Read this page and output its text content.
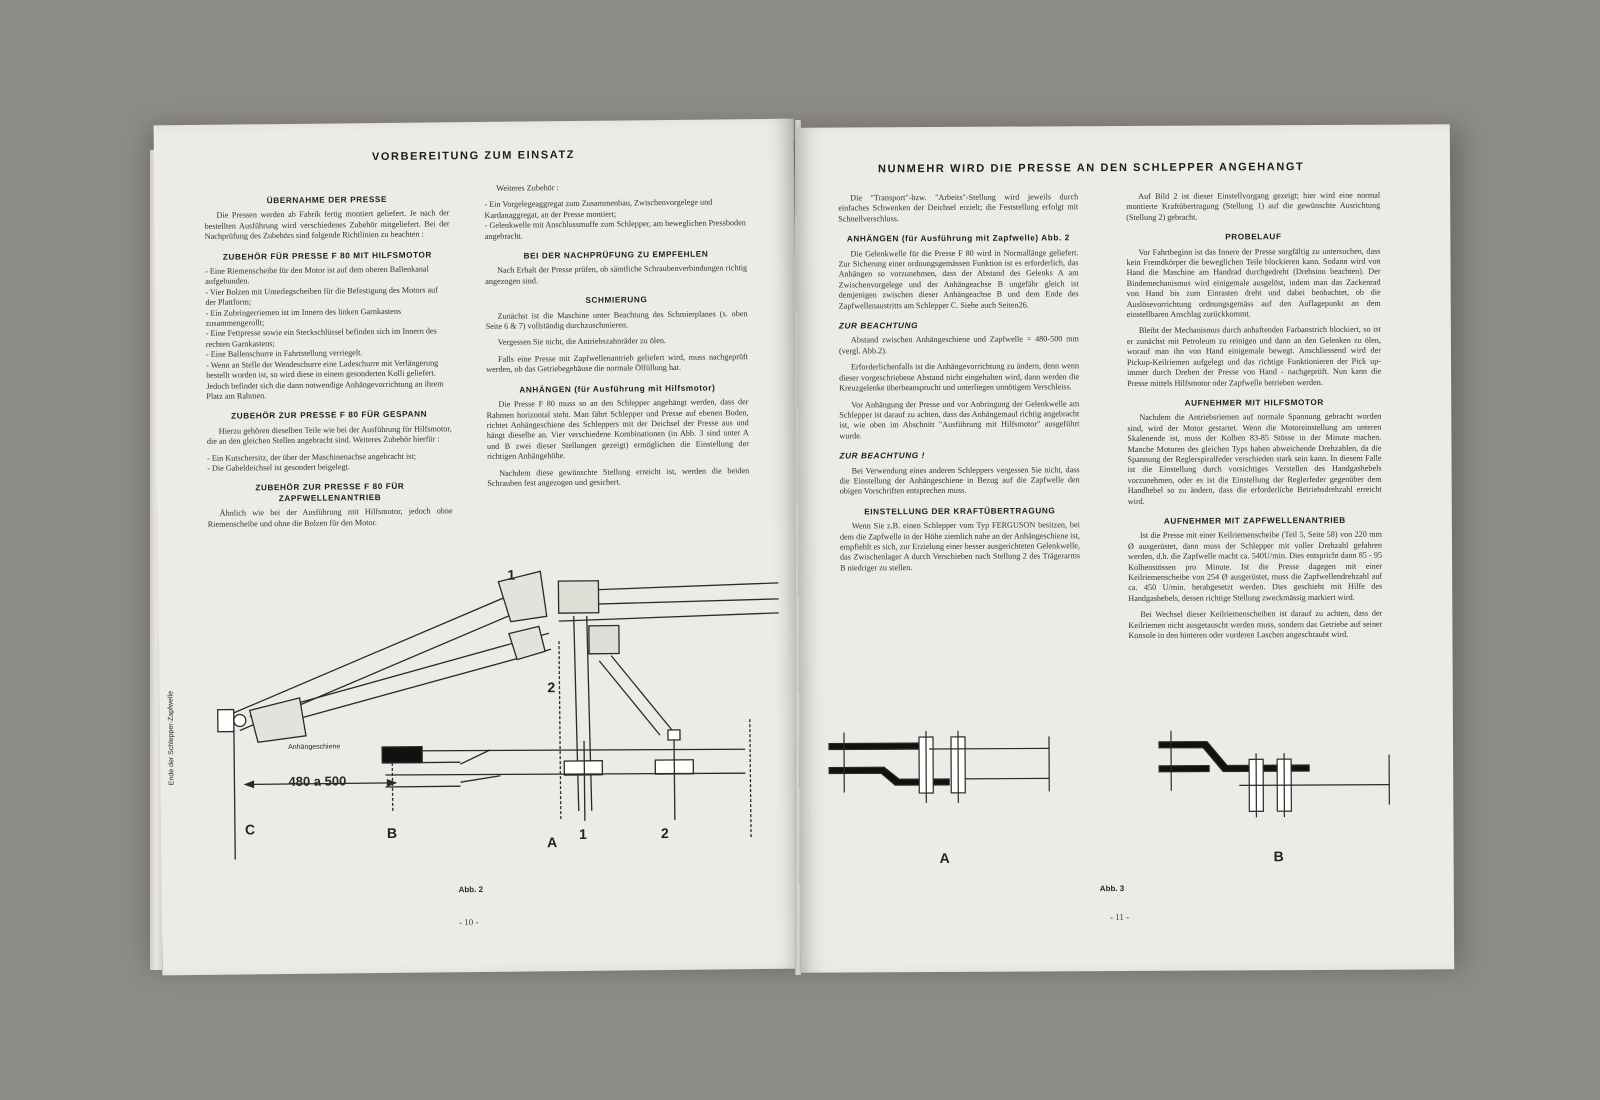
VORBEREITUNG ZUM EINSATZ
ÜBERNAHME DER PRESSE

Die Pressen werden ab Fabrik fertig montiert geliefert. Je nach der bestellten Ausführung wird verschiedenes Zubehör mitgeliefert. Bei der Nachprüfung des Zubehörs sind folgende Richtlinien zu beachten :

ZUBEHÖR FÜR PRESSE F 80 MIT HILFSMOTOR
- Eine Riemenscheibe für den Motor ist auf dem oberen Ballenkanal aufgebunden.
- Vier Bolzen mit Unterlegscheiben für die Befestigung des Motors auf der Plattform;
- Ein Zubringerriemen ist im Innern des linken Garnkastens zusammengerollt;
- Eine Fettpresse sowie ein Steckschlüssel befinden sich im Innern des rechten Garnkastens;
- Eine Ballenschurre in Fahrtstellung verriegelt.
- Wenn an Stelle der Wendeschurre eine Ladeschurre mit Verlängerung bestellt worden ist, so wird diese in einem gesonderten Kolli geliefert. Jedoch befindet sich die dann notwendige Anhängevorrichtung an ihrem Platz am Rahmen.
ZUBEHÖR ZUR PRESSE F 80 FÜR GESPANN

Hierzu gehören dieselben Teile wie bei der Ausführung für Hilfsmotor, die an den gleichen Stellen angebracht sind. Weiteres Zubehör hierfür :

- Ein Kutschersitz, der über der Maschinenachse angebracht ist;
- Die Gabeldeichsel ist gesondert beigelegt.
ZUBEHÖR ZUR PRESSE F 80 FÜR ZAPFWELLENANTRIEB

Ähnlich wie bei der Ausführung mit Hilfsmotor, jedoch ohne Riemenscheibe und ohne die Bolzen für den Motor.

Weiteres Zubehör :

- Ein Vorgelegeaggregat zum Zusammenbau, Zwischenvorgelege und Kardanaggregat, an der Presse montiert;
- Gelenkwelle mit Anschlussmuffe zum Schlepper, am beweglichen Pressboden angebracht.
BEI DER NACHPRÜFUNG ZU EMPFEHLEN

Nach Erhalt der Presse prüfen, ob sämtliche Schraubenverbindungen richtig angezogen sind.

SCHMIERUNG

Zunächst ist die Maschine unter Beachtung des Schmierplanes (s. oben Seite 6 & 7) vollständig durchzuschmieren.

Vergessen Sie nicht, die Antriebszahnräder zu ölen.

Falls eine Presse mit Zapfwellenantrieb geliefert wird, muss nachgeprüft werden, ob das Getriebegehäuse die normale Ölfüllung hat.

ANHÄNGEN (für Ausführung mit Hilfsmotor)

Die Presse F 80 muss so an den Schlepper angehängt werden, dass der Rahmen horizontal steht. Man fährt Schlepper und Presse auf ebenen Boden, richtet Anhängeschiene des Schleppers mit der Deichsel der Presse aus und hängt dieselbe an. Vier verschiedene Kombinationen (in Abb. 3 sind unter A und B zwei dieser Stellungen gezeigt) ermöglichen die Einstellung der richtigen Anhängehöhe.

Nachdem diese gewünschte Stellung erreicht ist, werden die beiden Schrauben fest angezogen und gesichert.

1
2
Anhängeschiene
Ende der Schlepper-Zapfwelle	480 a 500
C	B
A
1	2
Abb. 2
- 10 -
NUNMEHR WIRD DIE PRESSE AN DEN SCHLEPPER ANGEHANGT

Die "Transport"-bzw. "Arbeits"-Stellung wird jeweils durch einfaches Schwenken der Deichsel erzielt; die Feststellung erfolgt mit Schnellverschluss.

ANHÄNGEN (für Ausführung mit Zapfwelle) Abb. 2

Die Gelenkwelle für die Presse F 80 wird in Normallänge geliefert. Zur Sicherung einer ordnungsgemässen Funktion ist es erforderlich, das Anhängen so vorzunehmen, dass der Abstand des Gelenks A am Zwischenvorgelege und der Anhängeachse B ungefähr gleich ist demjenigen zwischen dieser Anhängeachse B und dem Ende des Zapfwellenaustritts am Schlepper C. Siehe auch Seiten26.

ZUR BEACHTUNG

Abstand zwischen Anhängeschiene und Zapfwelle = 480-500 mm (vergl. Abb.2).

Erforderlichenfalls ist die Anhängevorrichtung zu ändern, denn wenn dieser vorgeschriebene Abstand nicht eingehalten wird, dann werden die Kreuzgelenke überbeansprucht und unterliegen unnötigem Verschleiss.

Vor Anhängung der Presse und vor Anbringung der Gelenkwelle am Schlepper ist darauf zu achten, dass das Anhängemaul richtig angebracht ist, wie oben im Abschnitt "Ausführung mit Hilfsmotor" ausgeführt wurde.

ZUR BEACHTUNG !

Bei Verwendung eines anderen Schleppers vergessen Sie nicht, dass die Einstellung der Anhängeschiene in Bezug auf die Zapfwelle den obigen Vorschriften entsprechen muss.

EINSTELLUNG DER KRAFTÜBERTRAGUNG

Wenn Sie z.B. einen Schlepper vom Typ FERGUSON besitzen, bei dem die Zapfwelle in der Höhe ziemlich nahe an der Anhängeschiene ist, empfiehlt es sich, zur Erzielung einer besser ausgerichteten Gelenkwelle, das Zwischenlager A durch Verschieben nach Stellung 2 des Trägerarms B niedriger zu stellen.

Auf Bild 2 ist dieser Einstellvorgang gezeigt; hier wird eine normal montierte Kraftübertragung (Stellung 1) auf die gewünschte Ausrichtung (Stellung 2) gebracht.

PROBELAUF

Vor Fahrtbeginn ist das Innere der Presse sorgfältig zu untersuchen, dass kein Fremdkörper die beweglichen Teile blockieren kann. Sodann wird von Hand die Maschine am Handrad durchgedreht (Drehsinn beachten). Der Bindemechanismus wird einigemale ausgelöst, indem man das Zackenrad von Hand bis zum Einrasten dreht und dabei beobachtet, ob die Auslösevorrichtung ordnungsgemäss auf den Auflagepunkt an dem einstellbaren Anschlag zurückkommt.

Bleibt der Mechanismus durch anhaftenden Farbanstrich blockiert, so ist er zunächst mit Petroleum zu reinigen und dann an den Gelenken zu ölen, worauf man ihn von Hand einigemale bewegt. Anschliessend wird der Pickup-Keilriemen aufgelegt und das richtige Funktionieren der Pick up-immer durch Drehen der Presse von Hand - nachgeprüft. Nun kann die Presse mittels Hilfsmotor oder Zapfwelle betrieben werden.

AUFNEHMER MIT HILFSMOTOR

Nachdem die Antriebsriemen auf normale Spannung gebracht worden sind, wird der Motor gestartet. Wenn die Motoreinstellung am unteren Skalenende ist, muss der Kolben 83-85 Stösse in der Minute machen. Manche Motoren des gleichen Typs haben abweichende Drehzahlen, da die Spannung der Reglerspiralfeder verschieden stark sein kann. In diesem Falle ist die Einstellung durch vorsichtiges Verstellen des Handgashebels vorzunehmen, oder es ist die Einstellung der Reglerfeder gegenüber dem Handhebel so zu ändern, dass die erforderliche Betriebsdrehzahl erreicht wird.

AUFNEHMER MIT ZAPFWELLENANTRIEB

Ist die Presse mit einer Keilriemenscheibe (Teil 5, Seite 58) von 220 mm Ø ausgerüstet, dann muss der Schlepper mit voller Drehzahl gefahren werden, d.h. die Zapfwelle macht ca. 540U/min. Dies entspricht dann 85 - 95 Kolbenstössen pro Minute. Ist die Presse dagegen mit einer Keilriemenscheibe von 254 Ø ausgerüstet, muss die Zapfwellendrehzahl auf ca. 450 U/min. herabgesetzt werden. Dies geschieht mit Hilfe des Handgashebels, dessen richtige Stellung zweckmässig markiert wird.

Bei Wechsel dieser Keilriemenscheiben ist darauf zu achten, dass der Keilriemen nicht ausgetauscht werden muss, sondern das Getriebe auf seiner Konsole in den hinteren oder vorderen Laschen angeschraubt wird.

A	B
Abb. 3
- 11 -
